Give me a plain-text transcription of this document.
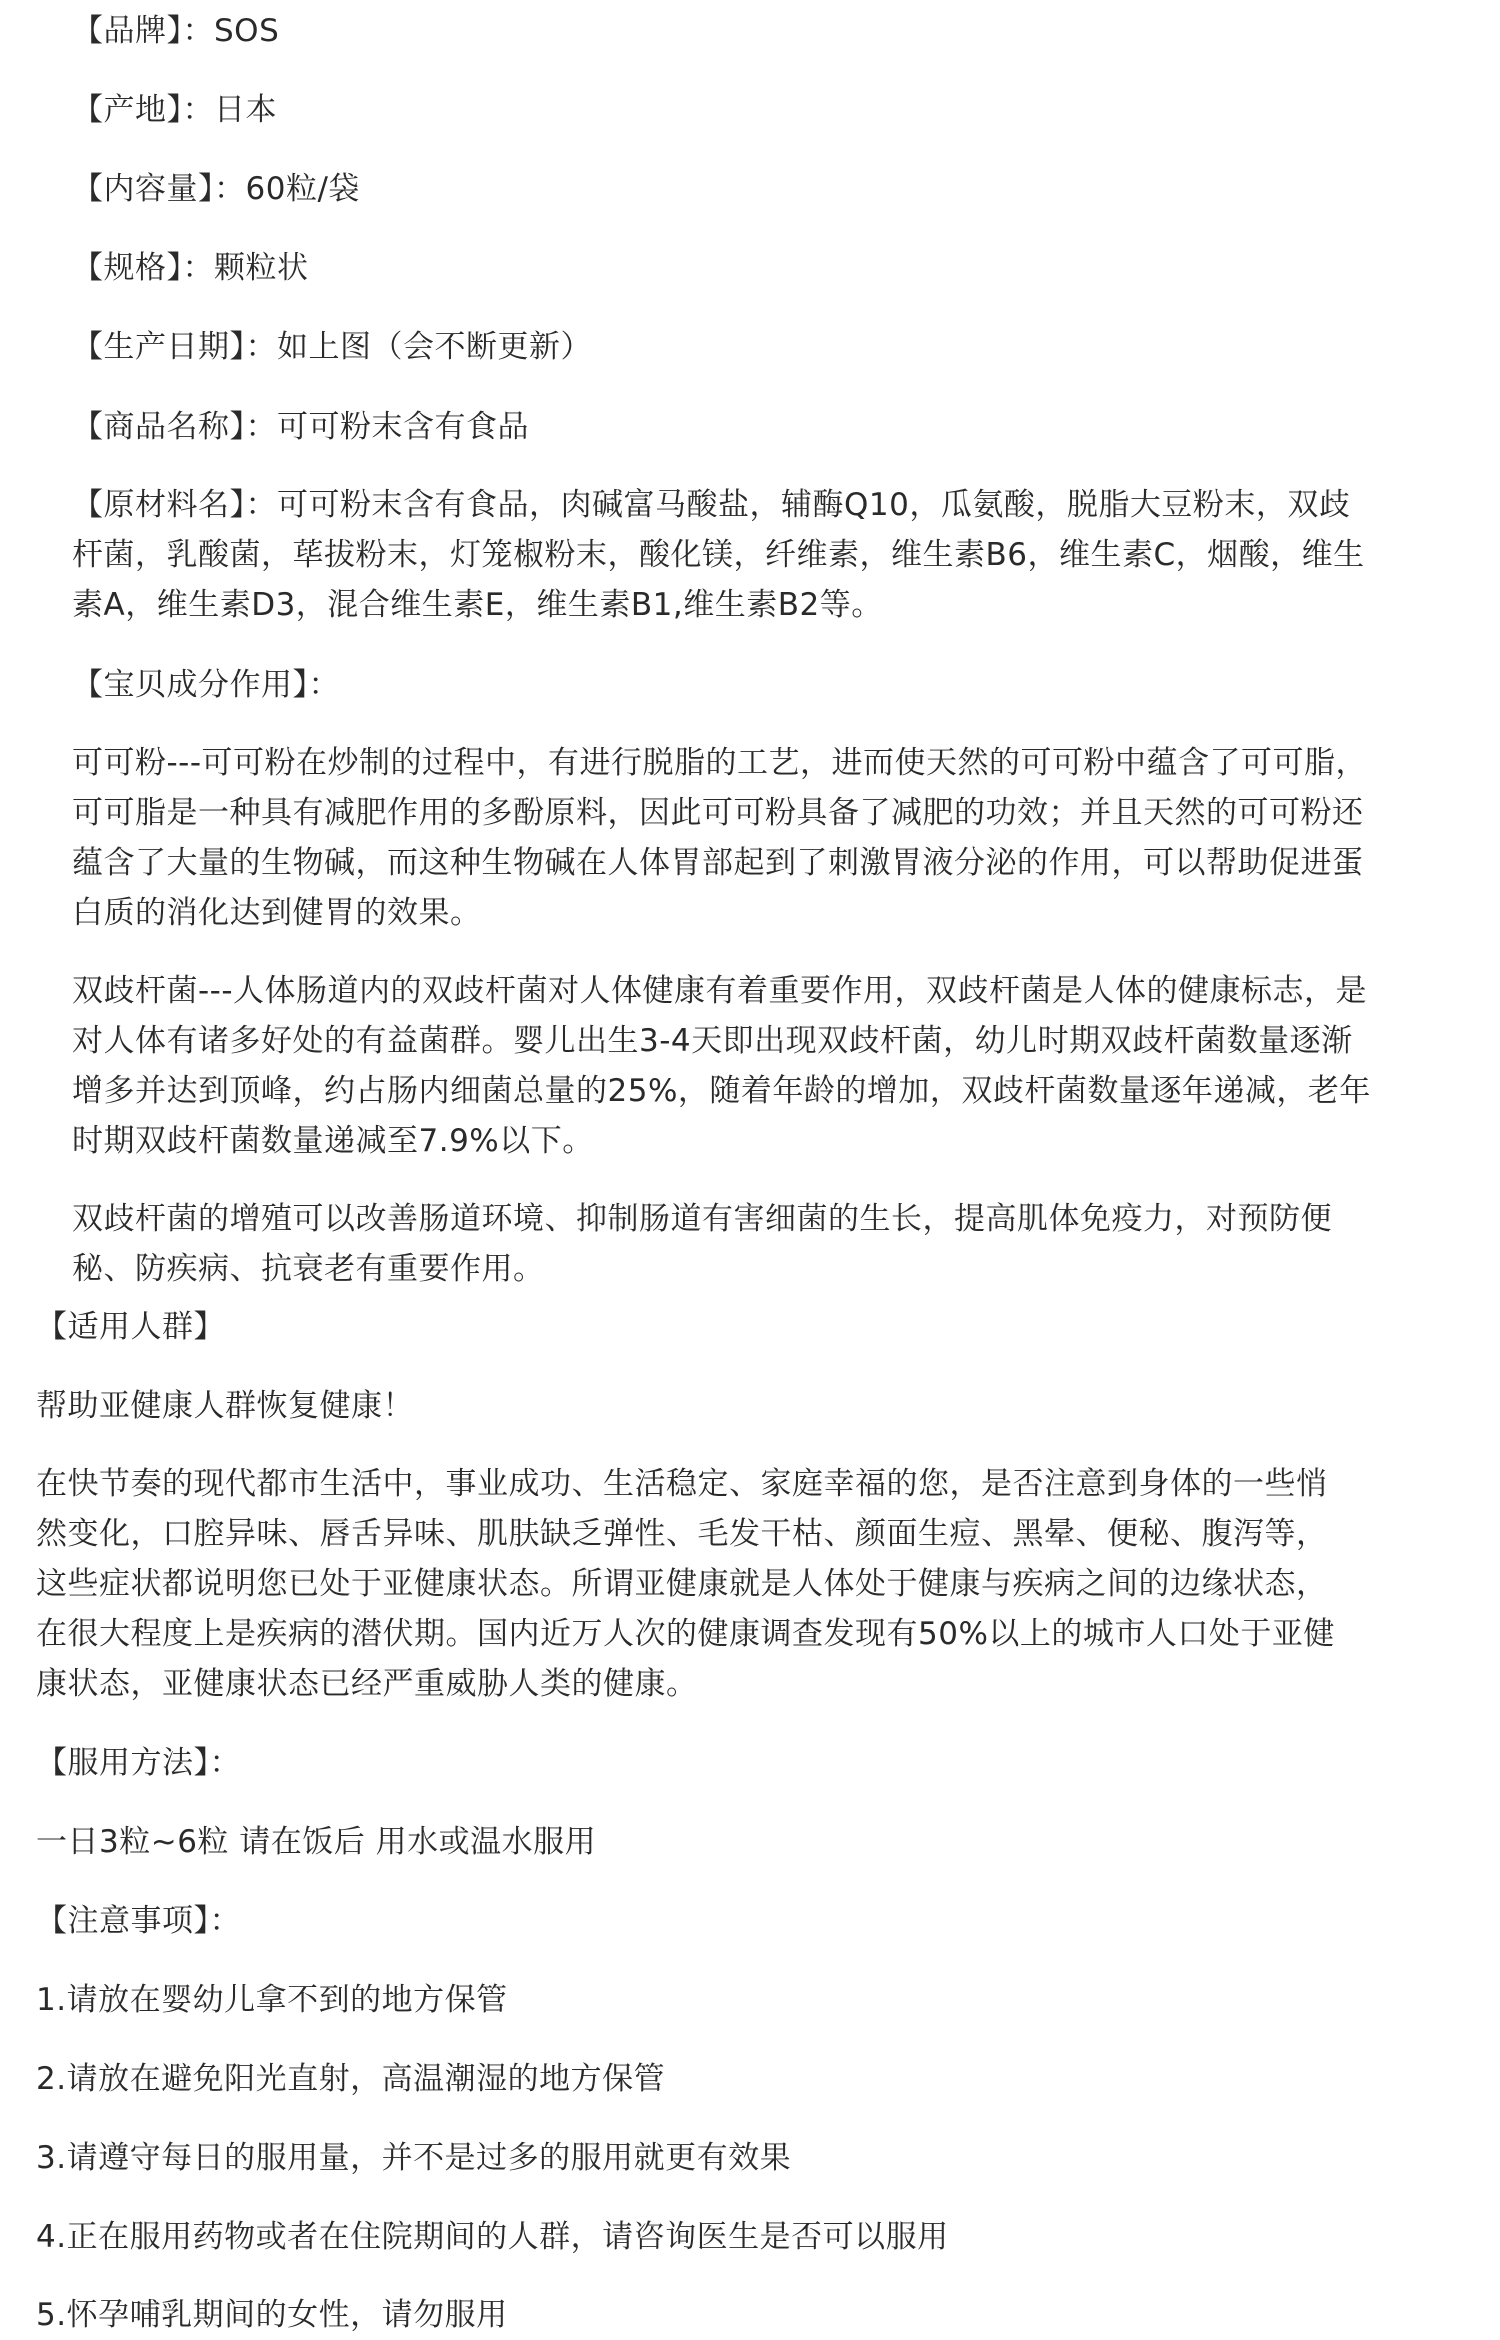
【品牌】：SOS
【产地】：日本
【内容量】：60粒/袋
【规格】：颗粒状
【生产日期】：如上图（会不断更新）
【商品名称】：可可粉末含有食品
【原材料名】：可可粉末含有食品，肉碱富马酸盐，辅酶Q10，瓜氨酸，脱脂大豆粉末，双歧
杆菌，乳酸菌，荜拔粉末，灯笼椒粉末，酸化镁，纤维素，维生素B6，维生素C，烟酸，维生
素A，维生素D3，混合维生素E，维生素B1,维生素B2等。
【宝贝成分作用】：
可可粉---可可粉在炒制的过程中，有进行脱脂的工艺，进而使天然的可可粉中蕴含了可可脂，
可可脂是一种具有减肥作用的多酚原料，因此可可粉具备了减肥的功效；并且天然的可可粉还
蕴含了大量的生物碱，而这种生物碱在人体胃部起到了刺激胃液分泌的作用，可以帮助促进蛋
白质的消化达到健胃的效果。
双歧杆菌---人体肠道内的双歧杆菌对人体健康有着重要作用，双歧杆菌是人体的健康标志，是
对人体有诸多好处的有益菌群。婴儿出生3-4天即出现双歧杆菌，幼儿时期双歧杆菌数量逐渐
增多并达到顶峰，约占肠内细菌总量的25%，随着年龄的增加，双歧杆菌数量逐年递减，老年
时期双歧杆菌数量递减至7.9%以下。
双歧杆菌的增殖可以改善肠道环境、抑制肠道有害细菌的生长，提高肌体免疫力，对预防便
秘、防疾病、抗衰老有重要作用。
【适用人群】
帮助亚健康人群恢复健康！
在快节奏的现代都市生活中，事业成功、生活稳定、家庭幸福的您，是否注意到身体的一些悄
然变化，口腔异味、唇舌异味、肌肤缺乏弹性、毛发干枯、颜面生痘、黑晕、便秘、腹泻等，
这些症状都说明您已处于亚健康状态。所谓亚健康就是人体处于健康与疾病之间的边缘状态，
在很大程度上是疾病的潜伏期。国内近万人次的健康调查发现有50%以上的城市人口处于亚健
康状态，亚健康状态已经严重威胁人类的健康。
【服用方法】：
一日3粒~6粒 请在饭后 用水或温水服用
【注意事项】：
1.请放在婴幼儿拿不到的地方保管
2.请放在避免阳光直射，高温潮湿的地方保管
3.请遵守每日的服用量，并不是过多的服用就更有效果
4.正在服用药物或者在住院期间的人群，请咨询医生是否可以服用
5.怀孕哺乳期间的女性，请勿服用
